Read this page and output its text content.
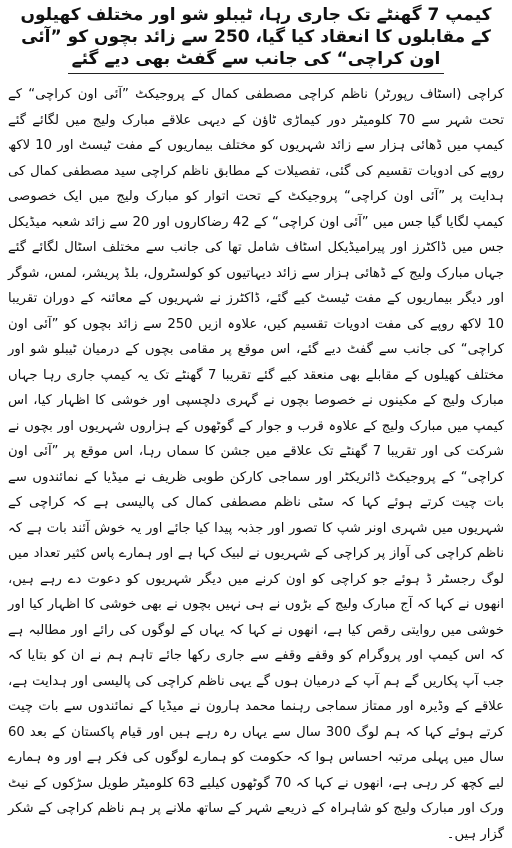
کیمپ 7 گھنٹے تک جاری رہا، ٹیبلو شو اور مختلف کھیلوں کے مقابلوں کا انعقاد کیا گیا، 250 سے زائد بچوں کو ”آئی اون کراچی“ کی جانب سے گفٹ بھی دیے گئے

کراچی (اسٹاف رپورٹر) ناظم کراچی مصطفی کمال کے پروجیکٹ ”آئی اون کراچی“ کے تحت شہر سے 70 کلومیٹر دور کیماڑی ٹاؤن کے دیہی علاقے مبارک ولیج میں لگائے گئے کیمپ میں ڈھائی ہزار سے زائد شہریوں کو مختلف بیماریوں کے مفت ٹیسٹ اور 10 لاکھ روپے کی ادویات تقسیم کی گئی، تفصیلات کے مطابق ناظم کراچی سید مصطفی کمال کی ہدایت پر ”آئی اون کراچی“ پروجیکٹ کے تحت اتوار کو مبارک ولیج میں ایک خصوصی کیمپ لگایا گیا جس میں ”آئی اون کراچی“ کے 42 رضاکاروں اور 20 سے زائد شعبہ میڈیکل جس میں ڈاکٹرز اور پیرامیڈیکل اسٹاف شامل تھا کی جانب سے مختلف اسٹال لگائے گئے جہاں مبارک ولیج کے ڈھائی ہزار سے زائد دیہاتیوں کو کولسٹرول، بلڈ پریشر، لمس، شوگر اور دیگر بیماریوں کے مفت ٹیسٹ کیے گئے، ڈاکٹرز نے شہریوں کے معائنہ کے دوران تقریبا 10 لاکھ روپے کی مفت ادویات تقسیم کیں، علاوہ ازیں 250 سے زائد بچوں کو ”آئی اون کراچی“ کی جانب سے گفٹ دیے گئے، اس موقع پر مقامی بچوں کے درمیان ٹیبلو شو اور مختلف کھیلوں کے مقابلے بھی منعقد کیے گئے تقریبا 7 گھنٹے تک یہ کیمپ جاری رہا جہاں مبارک ولیج کے مکینوں نے خصوصا بچوں نے گہری دلچسپی اور خوشی کا اظہار کیا، اس کیمپ میں مبارک ولیج کے علاوہ قرب و جوار کے گوٹھوں کے ہزاروں شہریوں اور بچوں نے شرکت کی اور تقریبا 7 گھنٹے تک علاقے میں جشن کا سماں رہا، اس موقع پر ”آئی اون کراچی“ کے پروجیکٹ ڈائریکٹر اور سماجی کارکن طوبی ظریف نے میڈیا کے نمائندوں سے بات چیت کرتے ہوئے کہا کہ سٹی ناظم مصطفی کمال کی پالیسی ہے کہ کراچی کے شہریوں میں شہری اونر شپ کا تصور اور جذبہ پیدا کیا جائے اور یہ خوش آئند بات ہے کہ ناظم کراچی کی آواز پر کراچی کے شہریوں نے لبیک کہا ہے اور ہمارے پاس کثیر تعداد میں لوگ رجسٹر ڈ ہوئے جو کراچی کو اون کرنے میں دیگر شہریوں کو دعوت دے رہے ہیں، انھوں نے کہا کہ آج مبارک ولیج کے بڑوں نے ہی نہیں بچوں نے بھی خوشی کا اظہار کیا اور خوشی میں روایتی رقص کیا ہے، انھوں نے کہا کہ یہاں کے لوگوں کی رائے اور مطالبہ ہے کہ اس کیمپ اور پروگرام کو وقفے وقفے سے جاری رکھا جائے تاہم ہم نے ان کو بتایا کہ جب آپ پکاریں گے ہم آپ کے درمیان ہوں گے یہی ناظم کراچی کی پالیسی اور ہدایت ہے، علاقے کے وڈیرہ اور ممتاز سماجی رہنما محمد ہارون نے میڈیا کے نمائندوں سے بات چیت کرتے ہوئے کہا کہ ہم لوگ 300 سال سے یہاں رہ رہے ہیں اور قیام پاکستان کے بعد 60 سال میں پہلی مرتبہ احساس ہوا کہ حکومت کو ہمارے لوگوں کی فکر ہے اور وہ ہمارے لیے کچھ کر رہی ہے، انھوں نے کہا کہ 70 گوٹھوں کیلیے 63 کلومیٹر طویل سڑکوں کے نیٹ ورک اور مبارک ولیج کو شاہراہ کے ذریعے شہر کے ساتھ ملانے پر ہم ناظم کراچی کے شکر گزار ہیں۔
